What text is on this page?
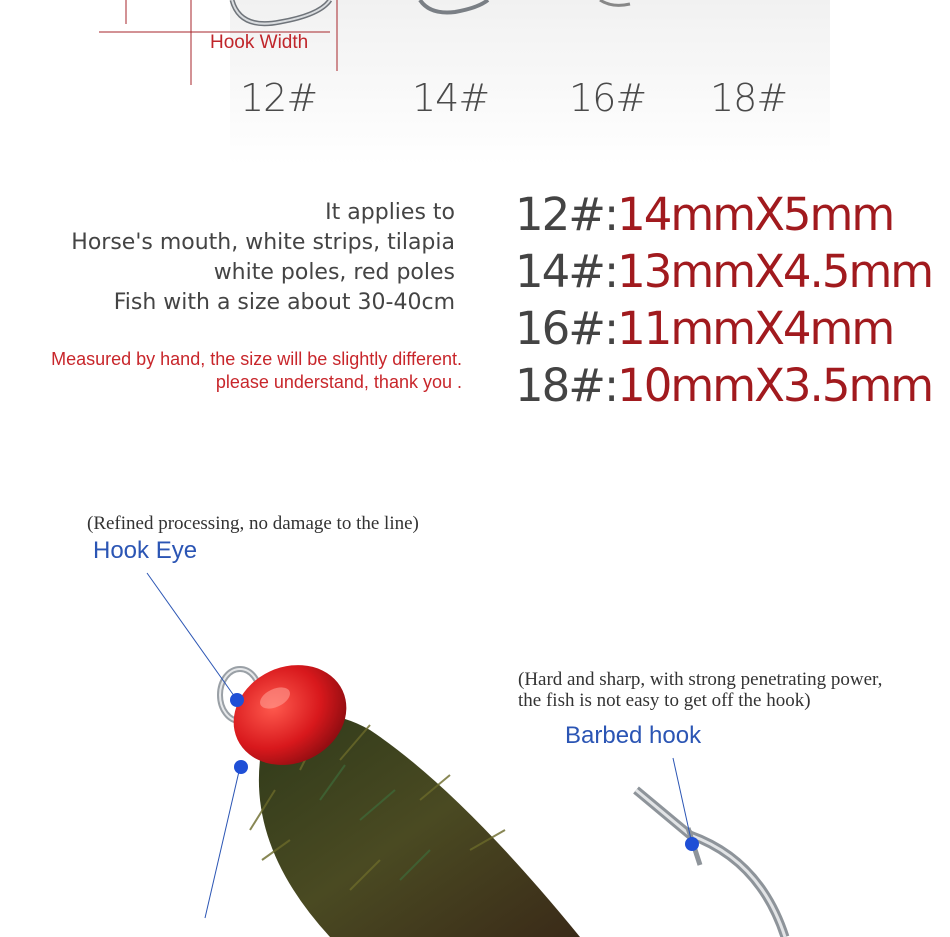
Hook Width
12# 14# 16# 18#
It applies to
Horse's mouth, white strips, tilapia
white poles, red poles
Fish with a size about 30-40cm
Measured by hand, the size will be slightly different.
please understand, thank you .
12#:14mmX5mm
14#:13mmX4.5mm
16#:11mmX4mm
18#:10mmX3.5mm
(Refined processing, no damage to the line)
Hook Eye
(Hard and sharp, with strong penetrating power,
the fish is not easy to get off the hook)
Barbed hook
